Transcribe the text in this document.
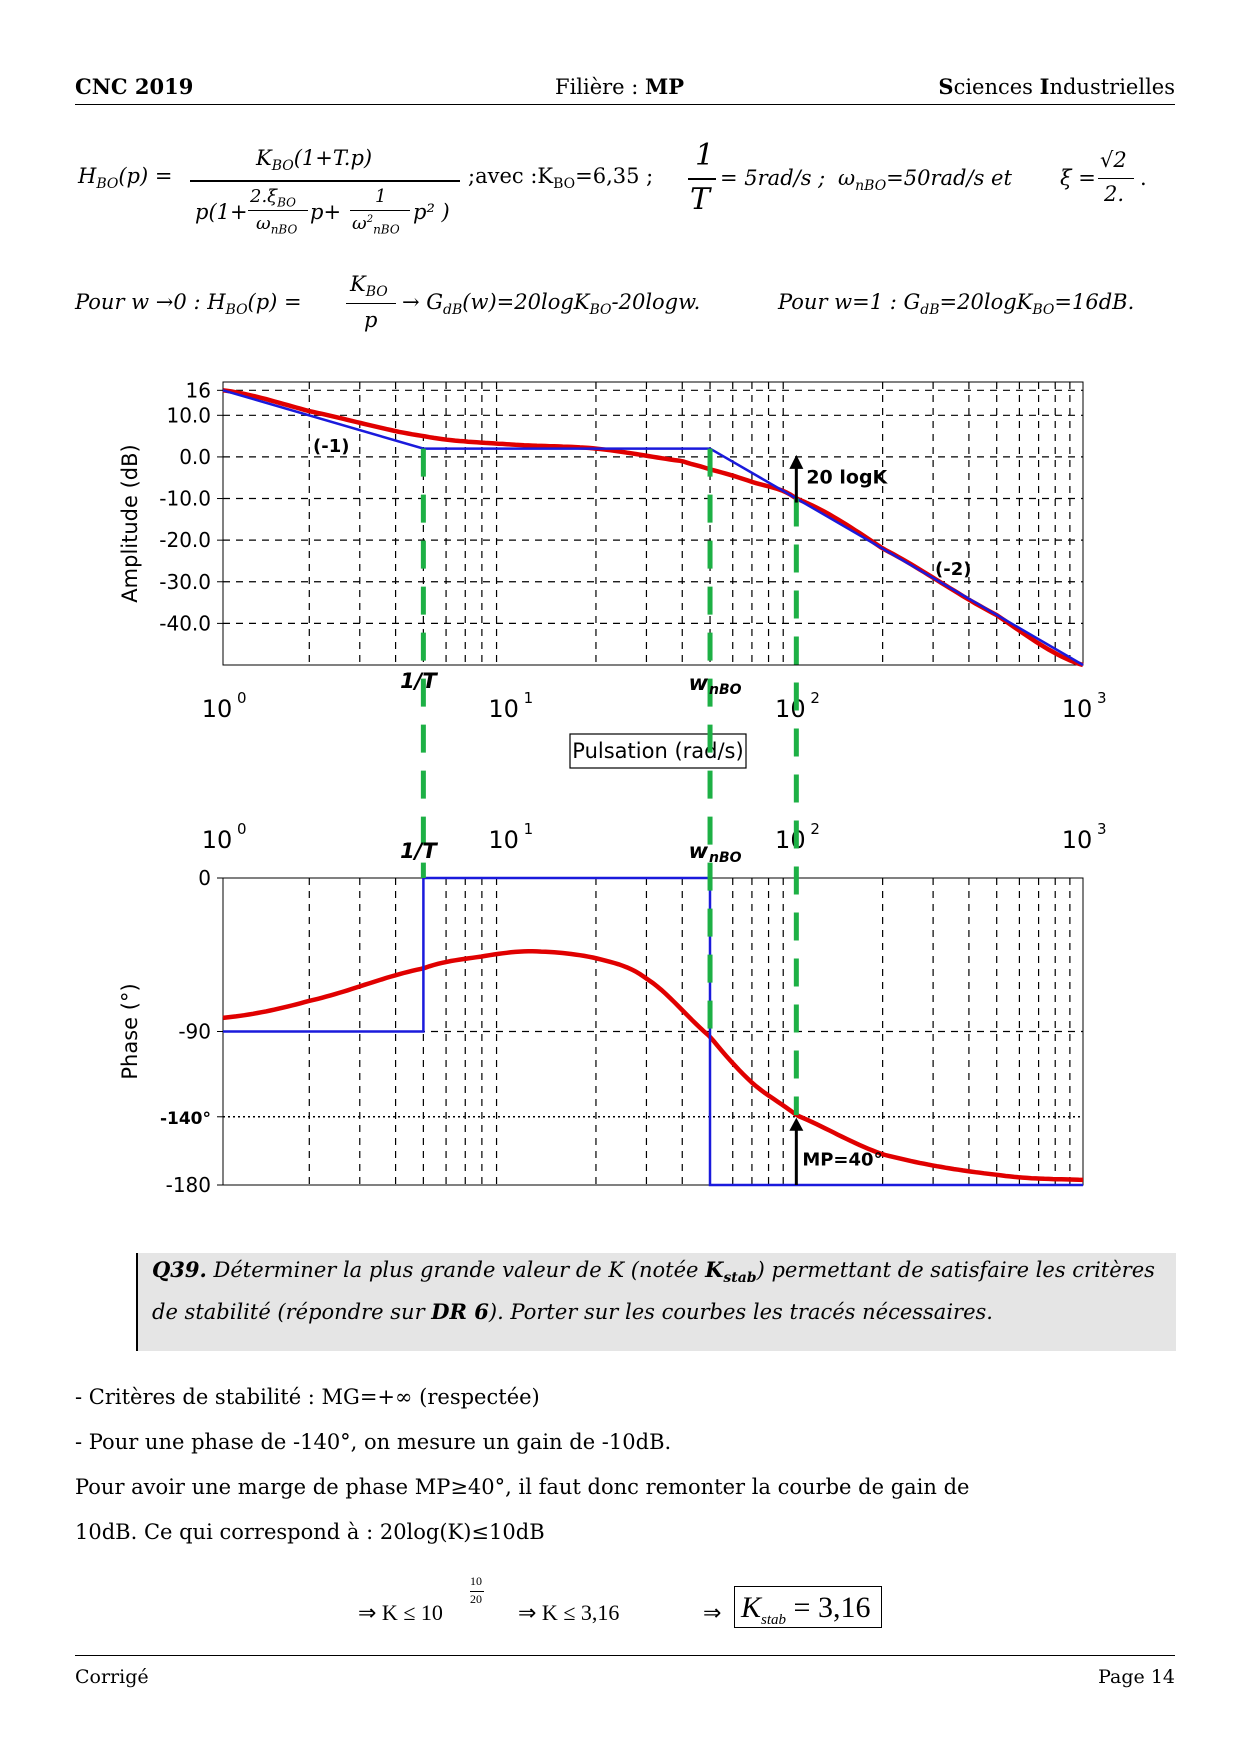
CNC 2019	Filière : MP	Sciences Industrielles
$H_{BO}(p)$ =
$K_{BO}(1+T.p)$
p(1+
$2.\xi_{BO}$
$\omega_{nBO}$
p+
1
$\omega^2_{nBO}$
p² )
;avec $:K_{BO}=6,35$ ;
1
T
= 5rad/s ; $\omega_{nBO}=50rad/s$ et ξ =
√2
2.
.
Pour w →0 : $H_{BO}(p)$ =
$K_{BO}$
p
→ $G_{dB}(w)=20\log K_{BO}-20\log w$.	Pour w=1 : $G_{dB}=20\log K_{BO}=16dB$.
16
10.0
0.0
-10.0
-20.0
-30.0
-40.0
0
-90
-140°
-180
Amplitude (dB)
Phase (°)
10 0	10 1	10 2	10 3
10 0	10 1	10 2	10 3
Pulsation (rad/s)
(-1)
(-2)
20 logK
1/T	w nBO
1/T	w nBO
MP=40°
Q39. Déterminer la plus grande valeur de K (notée $K_{stab}$) permettant de satisfaire les critères de stabilité (répondre sur DR 6). Porter sur les courbes les tracés nécessaires.
- Critères de stabilité : MG=+∞ (respectée)
- Pour une phase de -140°, on mesure un gain de -10dB.
Pour avoir une marge de phase MP≥40°, il faut donc remonter la courbe de gain de
10dB. Ce qui correspond à : 20log(K)≤10dB
⇒ K ≤ 10
10
20
⇒ K ≤ 3,16	⇒ $K_{stab} = 3,16$
Corrigé	Page 14
